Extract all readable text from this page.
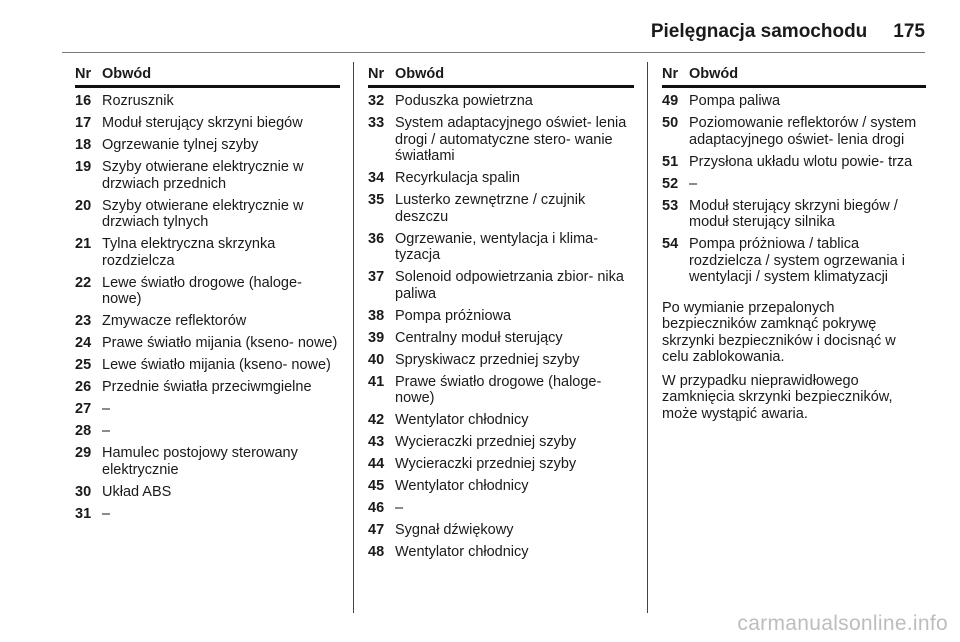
Pielęgnacja samochodu 175
Nr Obwód
16 Rozrusznik
17 Moduł sterujący skrzyni biegów
18 Ogrzewanie tylnej szyby
19 Szyby otwierane elektrycznie w drzwiach przednich
20 Szyby otwierane elektrycznie w drzwiach tylnych
21 Tylna elektryczna skrzynka rozdzielcza
22 Lewe światło drogowe (haloge‐ nowe)
23 Zmywacze reflektorów
24 Prawe światło mijania (kseno‐ nowe)
25 Lewe światło mijania (kseno‐ nowe)
26 Przednie światła przeciwmgielne
27 –
28 –
29 Hamulec postojowy sterowany elektrycznie
30 Układ ABS
31 –
Nr Obwód
32 Poduszka powietrzna
33 System adaptacyjnego oświet‐ lenia drogi / automatyczne stero‐ wanie światłami
34 Recyrkulacja spalin
35 Lusterko zewnętrzne / czujnik deszczu
36 Ogrzewanie, wentylacja i klima‐ tyzacja
37 Solenoid odpowietrzania zbior‐ nika paliwa
38 Pompa próżniowa
39 Centralny moduł sterujący
40 Spryskiwacz przedniej szyby
41 Prawe światło drogowe (haloge‐ nowe)
42 Wentylator chłodnicy
43 Wycieraczki przedniej szyby
44 Wycieraczki przedniej szyby
45 Wentylator chłodnicy
46 –
47 Sygnał dźwiękowy
48 Wentylator chłodnicy
Nr Obwód
49 Pompa paliwa
50 Poziomowanie reflektorów / system adaptacyjnego oświet‐ lenia drogi
51 Przysłona układu wlotu powie‐ trza
52 –
53 Moduł sterujący skrzyni biegów / moduł sterujący silnika
54 Pompa próżniowa / tablica rozdzielcza / system ogrzewania i wentylacji / system klimatyzacji

Po wymianie przepalonych bezpieczników zamknąć pokrywę skrzynki bezpieczników i docisnąć w celu zablokowania.

W przypadku nieprawidłowego zamknięcia skrzynki bezpieczników, może wystąpić awaria.

carmanualsonline.info
